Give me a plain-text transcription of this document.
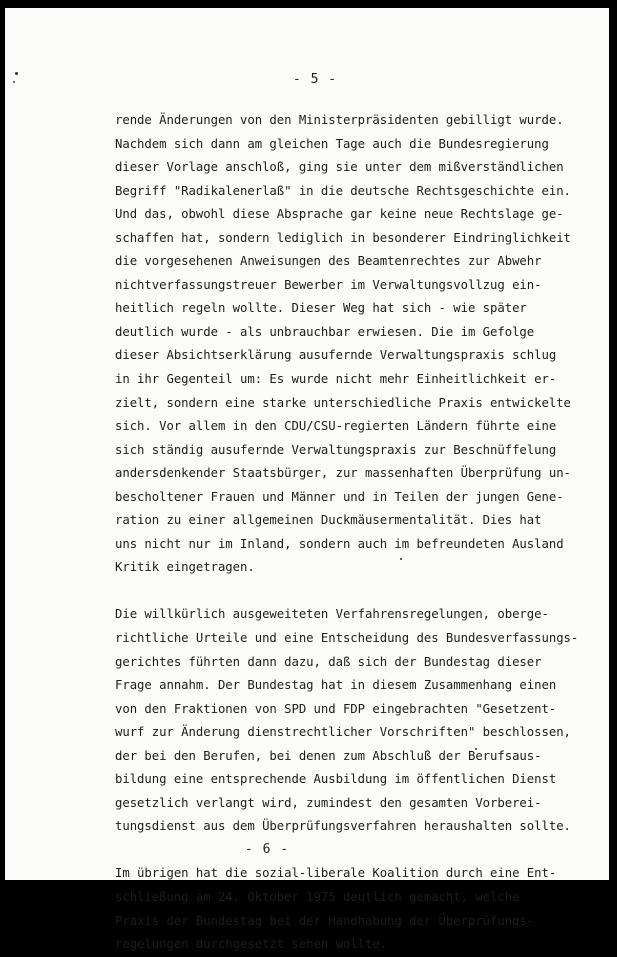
- 5 -

rende Änderungen von den Ministerpräsidenten gebilligt wurde.
Nachdem sich dann am gleichen Tage auch die Bundesregierung
dieser Vorlage anschloß, ging sie unter dem mißverständlichen
Begriff "Radikalenerlaß" in die deutsche Rechtsgeschichte ein.
Und das, obwohl diese Absprache gar keine neue Rechtslage ge-
schaffen hat, sondern lediglich in besonderer Eindringlichkeit
die vorgesehenen Anweisungen des Beamtenrechtes zur Abwehr
nichtverfassungstreuer Bewerber im Verwaltungsvollzug ein-
heitlich regeln wollte. Dieser Weg hat sich - wie später
deutlich wurde - als unbrauchbar erwiesen. Die im Gefolge
dieser Absichtserklärung ausufernde Verwaltungspraxis schlug
in ihr Gegenteil um: Es wurde nicht mehr Einheitlichkeit er-
zielt, sondern eine starke unterschiedliche Praxis entwickelte
sich. Vor allem in den CDU/CSU-regierten Ländern führte eine
sich ständig ausufernde Verwaltungspraxis zur Beschnüffelung
andersdenkender Staatsbürger, zur massenhaften Überprüfung un-
bescholtener Frauen und Männer und in Teilen der jungen Gene-
ration zu einer allgemeinen Duckmäusermentalität. Dies hat
uns nicht nur im Inland, sondern auch im befreundeten Ausland
Kritik eingetragen.

Die willkürlich ausgeweiteten Verfahrensregelungen, oberge-
richtliche Urteile und eine Entscheidung des Bundesverfassungs-
gerichtes führten dann dazu, daß sich der Bundestag dieser
Frage annahm. Der Bundestag hat in diesem Zusammenhang einen
von den Fraktionen von SPD und FDP eingebrachten "Gesetzent-
wurf zur Änderung dienstrechtlicher Vorschriften" beschlossen,
der bei den Berufen, bei denen zum Abschluß der Berufsaus-
bildung eine entsprechende Ausbildung im öffentlichen Dienst
gesetzlich verlangt wird, zumindest den gesamten Vorberei-
tungsdienst aus dem Überprüfungsverfahren heraushalten sollte.

Im übrigen hat die sozial-liberale Koalition durch eine Ent-
schließung am 24. Oktober 1975 deutlich gemacht, welche
Praxis der Bundestag bei der Handhabung der Überprüfungs-
regelungen durchgesetzt sehen wollte.

- 6 -
